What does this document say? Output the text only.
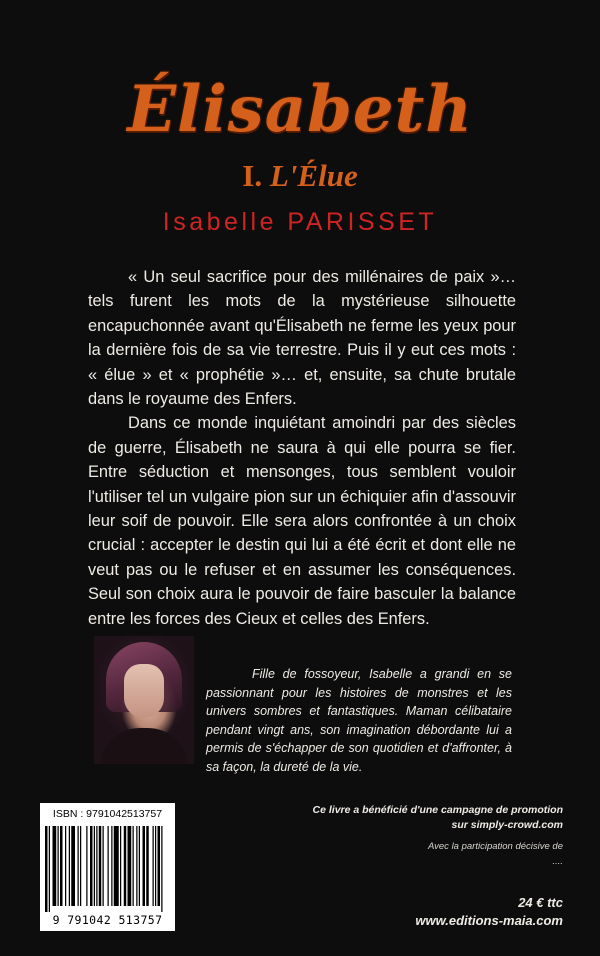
Élisabeth
I. L'Élue
Isabelle PARISSET

« Un seul sacrifice pour des millénaires de paix »… tels furent les mots de la mystérieuse silhouette encapuchonnée avant qu'Élisabeth ne ferme les yeux pour la dernière fois de sa vie terrestre. Puis il y eut ces mots : « élue » et « prophétie »… et, ensuite, sa chute brutale dans le royaume des Enfers.

Dans ce monde inquiétant amoindri par des siècles de guerre, Élisabeth ne saura à qui elle pourra se fier. Entre séduction et mensonges, tous semblent vouloir l'utiliser tel un vulgaire pion sur un échiquier afin d'assouvir leur soif de pouvoir. Elle sera alors confrontée à un choix crucial : accepter le destin qui lui a été écrit et dont elle ne veut pas ou le refuser et en assumer les conséquences. Seul son choix aura le pouvoir de faire basculer la balance entre les forces des Cieux et celles des Enfers.

Fille de fossoyeur, Isabelle a grandi en se passionnant pour les histoires de monstres et les univers sombres et fantastiques. Maman célibataire pendant vingt ans, son imagination débordante lui a permis de s'échapper de son quotidien et d'affronter, à sa façon, la dureté de la vie.
ISBN : 9791042513757
9 791042 513757
Ce livre a bénéficié d'une campagne de promotion
sur simply-crowd.com
Avec la participation décisive de
....
24 € ttc
www.editions-maia.com
